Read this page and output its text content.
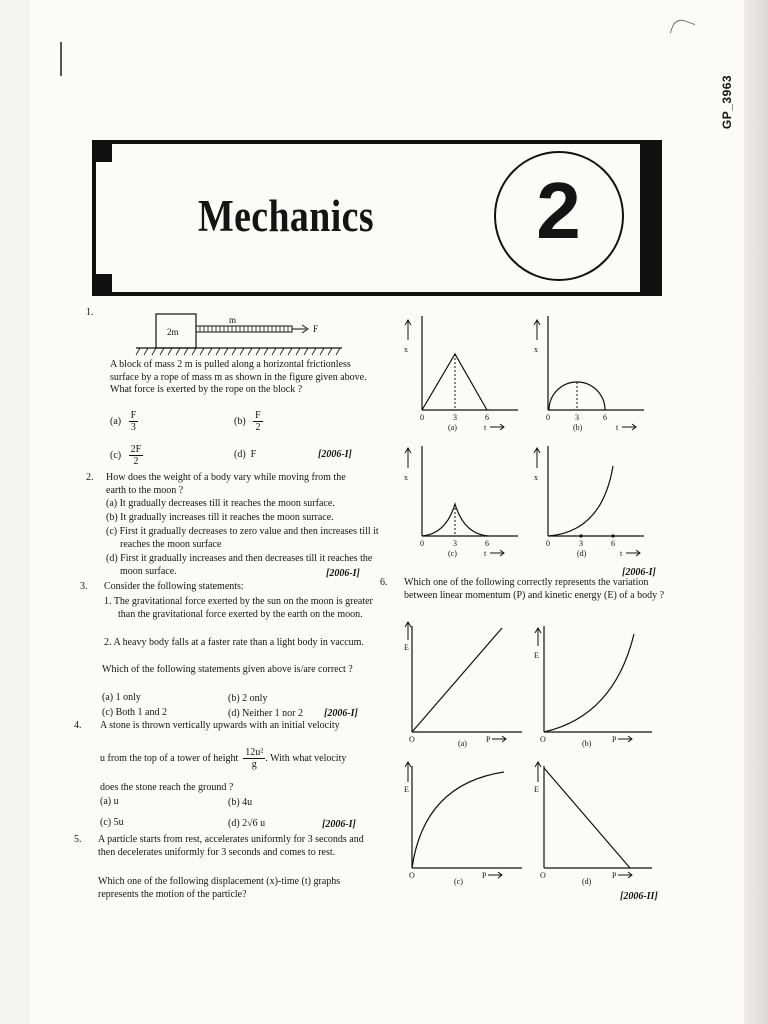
GP_3963
Mechanics	2
1.
2m
m
F
A block of mass 2 m is pulled along a horizontal frictionless surface by a rope of mass m as shown in the figure given above. What force is exerted by the rope on the block ?
$(a) \frac{F}{3}$	$(b) \frac{F}{2}$
$(c) \frac{2F}{2}$	(d) F	[2006-I]
2. How does the weight of a body vary while moving from the earth to the moon ?
(a) It gradually decreases till it reaches the moon surface.
(b) It gradually increases till it reaches the moon surrace.
(c) First it gradually decreases to zero value and then increases till it reaches the moon surface
(d) First it gradually increases and then decreases till it reaches the moon surface.	[2006-I]
3. Consider the following statements:
1. The gravitational force exerted by the sun on the moon is greater than the gravitational force exerted by the earth on the moon.
2. A heavy body falls at a faster rate than a light body in vaccum.
Which of the following statements given above is/are correct ?
(a) 1 only	(b) 2 only
(c) Both 1 and 2	(d) Neither 1 nor 2 [2006-I]
4. A stone is thrown vertically upwards with an initial velocity
u from the top of a tower of height $\frac{\text{12u²}}{g}$ . With what velocity
does the stone reach the ground ?
(a) u	(b) 4u
(c) 5u	(d) 2√6 u	[2006-I]
5. A particle starts from rest, accelerates uniformly for 3 seconds and then decelerates uniformly for 3 seconds and comes to rest.
Which one of the following displacement (x)-time (t) graphs represents the motion of the particle?
x
0	3	6
(a)	t
x
0	3	6
(b)	t
x
0	3	6
(c)	t
x
0	3	6
(d)	t
[2006-I]
6. Which one of the following correctly represents the variation between linear momentum (P) and kinetic energy (E) of a body ?
E
O	(a) P
E
O	(b)	P
E
O
(c)
P
E
O
(d)
P
[2006-II]
